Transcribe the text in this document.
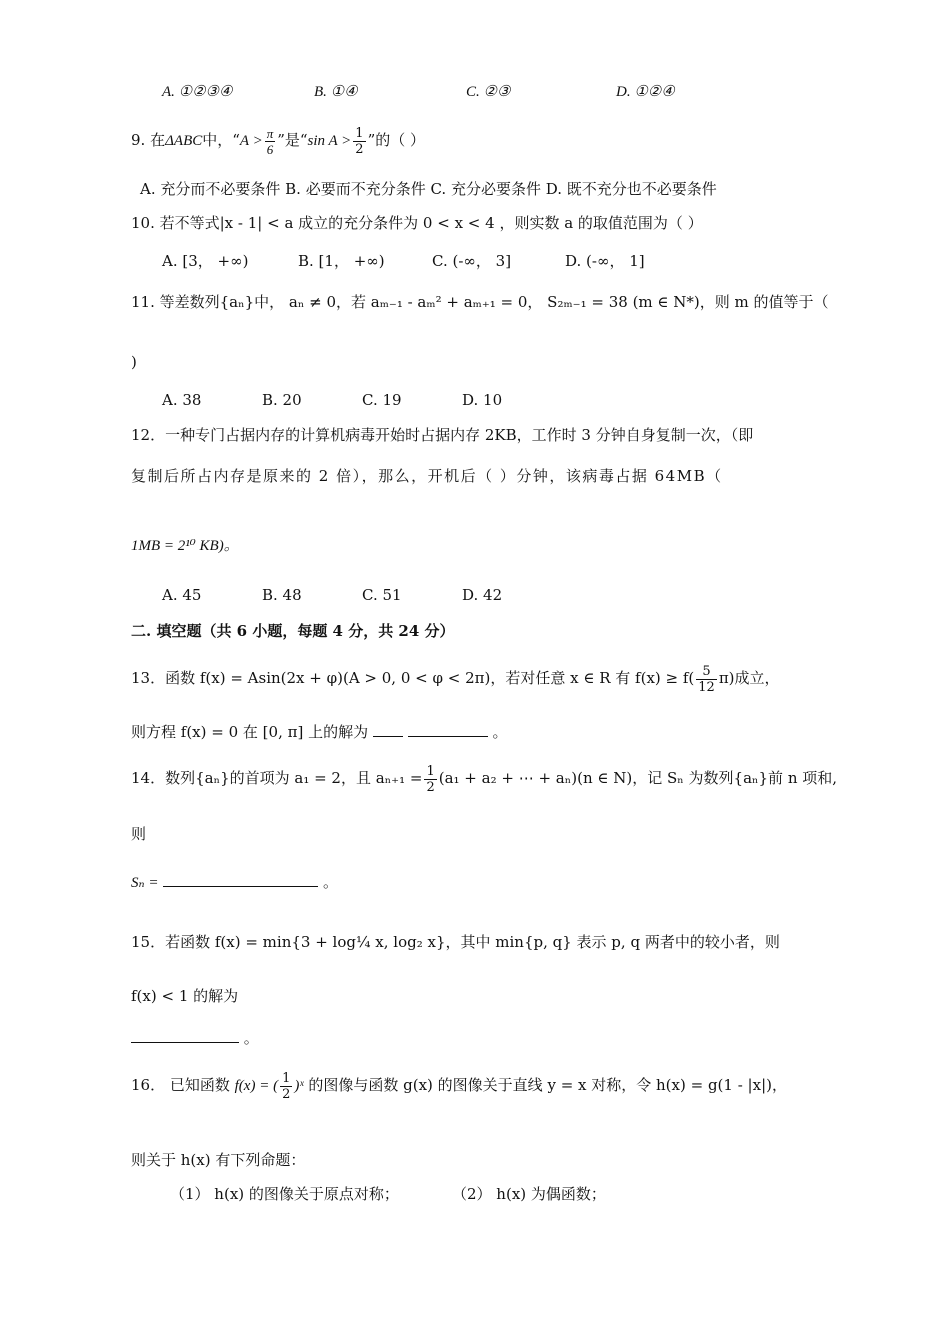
A. ①②③④	B. ①④	C. ②③	D. ①②④
9. 在ΔABC中，“$A > \frac{\pi}{6}$ ”是“sin $A > \frac{1}{2}$ ”的（ ）
A. 充分而不必要条件 B. 必要而不充分条件 C. 充分必要条件 D. 既不充分也不必要条件
10. 若不等式|x - 1| < a 成立的充分条件为 0 < x < 4 ，则实数 a 的取值范围为（ ）
A. [3， +∞)	B. [1， +∞)	C. (-∞， 3]	D. (-∞， 1]
11. 等差数列{aₙ}中， aₙ ≠ 0，若 aₘ₋₁ - aₘ² + aₘ₊₁ = 0， S₂ₘ₋₁ = 38 (m ∈ N*)，则 m 的值等于（
)
A. 38	B. 20	C. 19	D. 10
12．一种专门占据内存的计算机病毒开始时占据内存 2KB，工作时 3 分钟自身复制一次，（即
复制后所占内存是原来的 2 倍），那么，开机后（ ）分钟，该病毒占据 64MB（
1MB = 2¹⁰ KB)。
A. 45	B. 48	C. 51	D. 42
二. 填空题（共 6 小题，每题 4 分，共 24 分）
13．函数 f(x) = Asin(2x + φ)(A > 0, 0 < φ < 2π)，若对任意 x ∈ R 有 $f(x) \ge f( \frac{5}{12} \pi)$成立，
则方程 f(x) = 0 在 [0, π] 上的解为	。
14．数列{aₙ}的首项为 a₁ = 2，且 $a_{n+1} = \frac{1}{2} (a_1 + a_2$ + ⋯ + aₙ)(n ∈ N)，记 Sₙ 为数列{aₙ}前 n 项和,
则
Sₙ =	。
15．若函数 f(x) = min{3 + log¼ x, log₂ x}，其中 min{p, q} 表示 p, q 两者中的较小者，则
f(x) < 1 的解为
。
16． 已知函数 f(x) = ( $\frac{1}{2}$ )ˣ 的图像与函数 g(x) 的图像关于直线 y = x 对称，令 h(x) = g(1 - |x|)，
则关于 h(x) 有下列命题：
（1） h(x) 的图像关于原点对称；	（2） h(x) 为偶函数；
